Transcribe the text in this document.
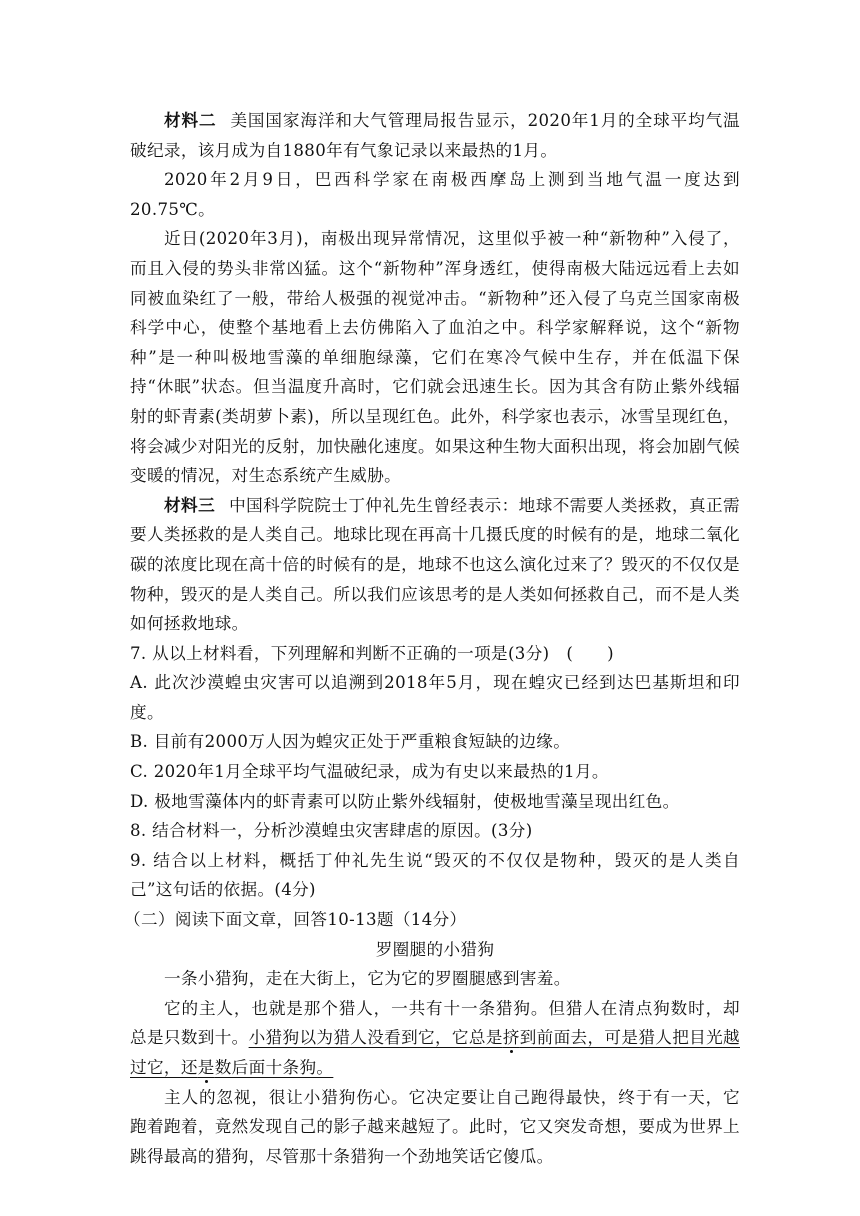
材料二 美国国家海洋和大气管理局报告显示，2020年1月的全球平均气温破纪录，该月成为自1880年有气象记录以来最热的1月。

2020年2月9日，巴西科学家在南极西摩岛上测到当地气温一度达到20.75℃。

近日(2020年3月)，南极出现异常情况，这里似乎被一种“新物种”入侵了，而且入侵的势头非常凶猛。这个“新物种”浑身透红，使得南极大陆远远看上去如同被血染红了一般，带给人极强的视觉冲击。“新物种”还入侵了乌克兰国家南极科学中心，使整个基地看上去仿佛陷入了血泊之中。科学家解释说，这个“新物种”是一种叫极地雪藻的单细胞绿藻，它们在寒冷气候中生存，并在低温下保持“休眠”状态。但当温度升高时，它们就会迅速生长。因为其含有防止紫外线辐射的虾青素(类胡萝卜素)，所以呈现红色。此外，科学家也表示，冰雪呈现红色，将会减少对阳光的反射，加快融化速度。如果这种生物大面积出现，将会加剧气候变暖的情况，对生态系统产生威胁。

材料三 中国科学院院士丁仲礼先生曾经表示：地球不需要人类拯救，真正需要人类拯救的是人类自己。地球比现在再高十几摄氏度的时候有的是，地球二氧化碳的浓度比现在高十倍的时候有的是，地球不也这么演化过来了？毁灭的不仅仅是物种，毁灭的是人类自己。所以我们应该思考的是人类如何拯救自己，而不是人类如何拯救地球。

7. 从以上材料看，下列理解和判断不正确的一项是(3分)　(　　)

A. 此次沙漠蝗虫灾害可以追溯到2018年5月，现在蝗灾已经到达巴基斯坦和印度。

B. 目前有2000万人因为蝗灾正处于严重粮食短缺的边缘。

C. 2020年1月全球平均气温破纪录，成为有史以来最热的1月。

D. 极地雪藻体内的虾青素可以防止紫外线辐射，使极地雪藻呈现出红色。

8. 结合材料一，分析沙漠蝗虫灾害肆虐的原因。(3分)

9. 结合以上材料，概括丁仲礼先生说“毁灭的不仅仅是物种，毁灭的是人类自己”这句话的依据。(4分)

（二）阅读下面文章，回答10-13题（14分）

罗圈腿的小猎狗

一条小猎狗，走在大街上，它为它的罗圈腿感到害羞。

它的主人，也就是那个猎人，一共有十一条猎狗。但猎人在清点狗数时，却总是只数到十。小猎狗以为猎人没看到它，它总是挤到前面去，可是猎人把目光越过它，还是数后面十条狗。

主人的忽视，很让小猎狗伤心。它决定要让自己跑得最快，终于有一天，它跑着跑着，竟然发现自己的影子越来越短了。此时，它又突发奇想，要成为世界上跳得最高的猎狗，尽管那十条猎狗一个劲地笑话它傻瓜。
